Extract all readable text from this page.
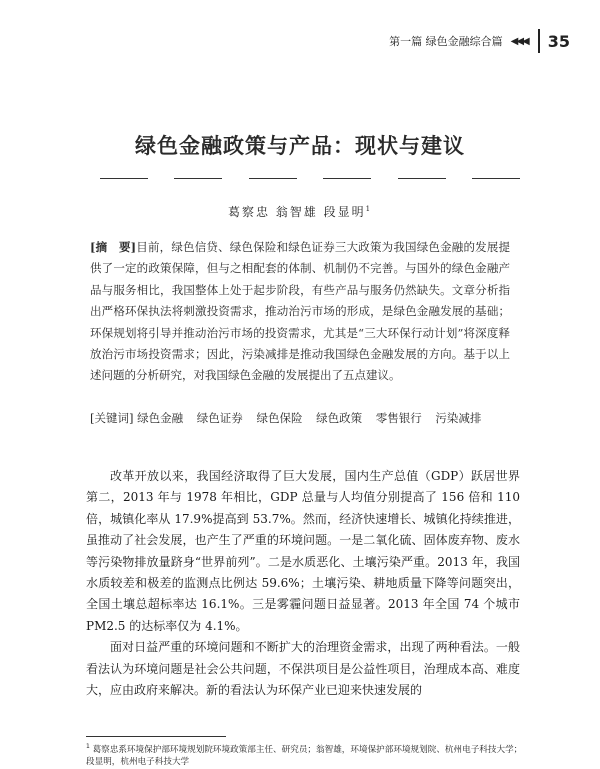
第一篇 绿色金融综合篇 ◀◀◀ 35
绿色金融政策与产品：现状与建议
葛察忠 翁智雄 段显明$^1$
[摘　要]目前，绿色信贷、绿色保险和绿色证券三大政策为我国绿色金融的发展提供了一定的政策保障，但与之相配套的体制、机制仍不完善。与国外的绿色金融产品与服务相比，我国整体上处于起步阶段，有些产品与服务仍然缺失。文章分析指出严格环保执法将刺激投资需求，推动治污市场的形成，是绿色金融发展的基础；环保规划将引导并推动治污市场的投资需求，尤其是“三大环保行动计划”将深度释放治污市场投资需求；因此，污染减排是推动我国绿色金融发展的方向。基于以上述问题的分析研究，对我国绿色金融的发展提出了五点建议。
[关键词] 绿色金融 绿色证券 绿色保险 绿色政策 零售银行 污染减排

改革开放以来，我国经济取得了巨大发展，国内生产总值（GDP）跃居世界第二，2013 年与 1978 年相比，GDP 总量与人均值分别提高了 156 倍和 110 倍，城镇化率从 17.9%提高到 53.7%。然而，经济快速增长、城镇化持续推进，虽推动了社会发展，也产生了严重的环境问题。一是二氧化硫、固体废弃物、废水等污染物排放量跻身“世界前列”。二是水质恶化、土壤污染严重。2013 年，我国水质较差和极差的监测点比例达 59.6%；土壤污染、耕地质量下降等问题突出，全国土壤总超标率达 16.1%。三是雾霾问题日益显著。2013 年全国 74 个城市 PM2.5 的达标率仅为 4.1%。

面对日益严重的环境问题和不断扩大的治理资金需求，出现了两种看法。一般看法认为环境问题是社会公共问题，不保洪项目是公益性项目，治理成本高、难度大，应由政府来解决。新的看法认为环保产业已迎来快速发展的

$^1$ 葛察忠系环境保护部环境规划院环境政策部主任、研究员；翁智雄，环境保护部环境规划院、杭州电子科技大学；段显明，杭州电子科技大学
